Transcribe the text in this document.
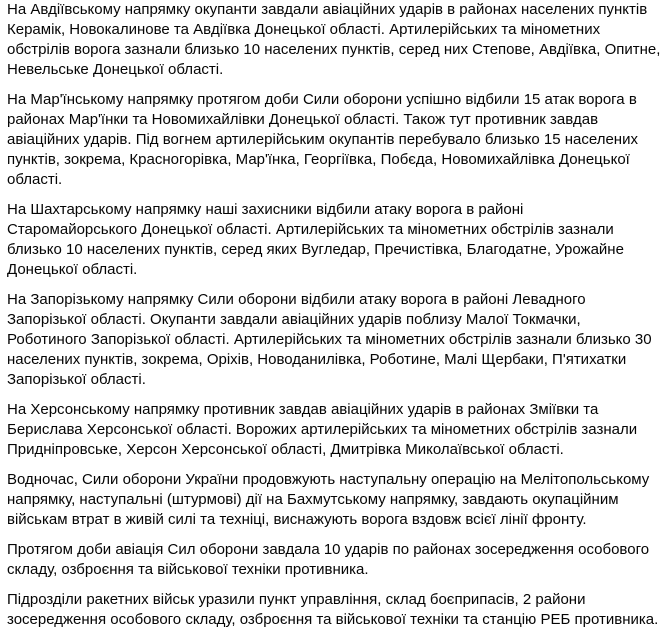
На Авдіївському напрямку окупанти завдали авіаційних ударів в районах населених пунктів
Керамік, Новокалинове та Авдіївка Донецької області. Артилерійських та мінометних
обстрілів ворога зазнали близько 10 населених пунктів, серед них Степове, Авдіївка, Опитне,
Невельське Донецької області.

На Мар'їнському напрямку протягом доби Сили оборони успішно відбили 15 атак ворога в
районах Мар'їнки та Новомихайлівки Донецької області. Також тут противник завдав
авіаційних ударів. Під вогнем артилерійським окупантів перебувало близько 15 населених
пунктів, зокрема, Красногорівка, Мар'їнка, Георгіївка, Побєда, Новомихайлівка Донецької
області.

На Шахтарському напрямку наші захисники відбили атаку ворога в районі
Старомайорського Донецької області. Артилерійських та мінометних обстрілів зазнали
близько 10 населених пунктів, серед яких Вугледар, Пречистівка, Благодатне, Урожайне
Донецької області.

На Запорізькому напрямку Сили оборони відбили атаку ворога в районі Левадного
Запорізької області. Окупанти завдали авіаційних ударів поблизу Малої Токмачки,
Роботиного Запорізької області. Артилерійських та мінометних обстрілів зазнали близько 30
населених пунктів, зокрема, Оріхів, Новоданилівка, Роботине, Малі Щербаки, П'ятихатки
Запорізької області.

На Херсонському напрямку противник завдав авіаційних ударів в районах Зміївки та
Берислава Херсонської області. Ворожих артилерійських та мінометних обстрілів зазнали
Придніпровське, Херсон Херсонської області, Дмитрівка Миколаївської області.

Водночас, Сили оборони України продовжують наступальну операцію на Мелітопольському
напрямку, наступальні (штурмові) дії на Бахмутському напрямку, завдають окупаційним
військам втрат в живій силі та техніці, виснажують ворога вздовж всієї лінії фронту.

Протягом доби авіація Сил оборони завдала 10 ударів по районах зосередження особового
складу, озброєння та військової техніки противника.

Підрозділи ракетних військ уразили пункт управління, склад боєприпасів, 2 райони
зосередження особового складу, озброєння та військової техніки та станцію РЕБ противника.
